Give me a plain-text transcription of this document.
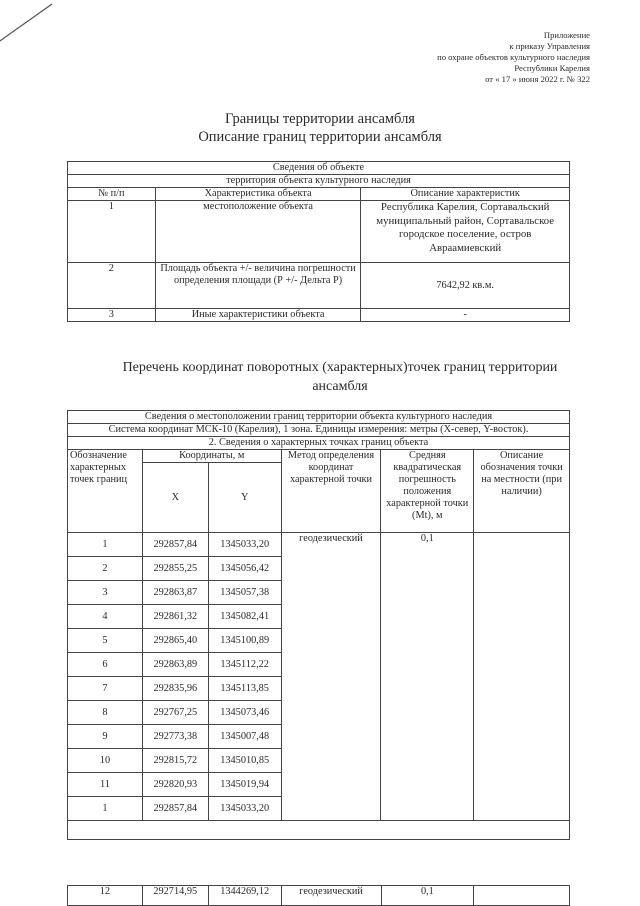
Приложение
к приказу Управления
по охране объектов культурного наследия
Республики Карелия
от « 17 » июня 2022 г. № 322
Границы территории ансамбля
Описание границ территории ансамбля
Сведения об объекте		
территория объекта культурного наследия		
№ п/п	Характеристика объекта	Описание характеристик
1	местоположение объекта	Республика Карелия, Сортавальский муниципальный район, Сортавальское городское поселение, остров Авраамиевский
2	Площадь объекта +/- величина погрешности определения площади (Р +/- Дельта Р)	7642,92 кв.м.
3	Иные характеристики объекта	-
Перечень координат поворотных (характерных)точек границ территории ансамбля
Сведения о местоположении границ территории объекта культурного наследия					
Система координат МСК-10 (Карелия), 1 зона. Единицы измерения: метры (Х-север, Y-восток).					
2. Сведения о характерных точках границ объекта					
Обозначение характерных точек границ	Координаты, м		Метод определения координат характерной точки	Средняя квадратическая погрешность положения характерной точки (Mt), м	Описание обозначения точки на местности (при наличии)
	X	Y			
1	292857,84	1345033,20	геодезический	0,1	
2	292855,25	1345056,42			
3	292863,87	1345057,38			
4	292861,32	1345082,41			
5	292865,40	1345100,89			
6	292863,89	1345112,22			
7	292835,96	1345113,85			
8	292767,25	1345073,46			
9	292773,38	1345007,48			
10	292815,72	1345010,85			
11	292820,93	1345019,94			
1	292857,84	1345033,20			

12	292714,95	1344269,12	геодезический	0,1	
